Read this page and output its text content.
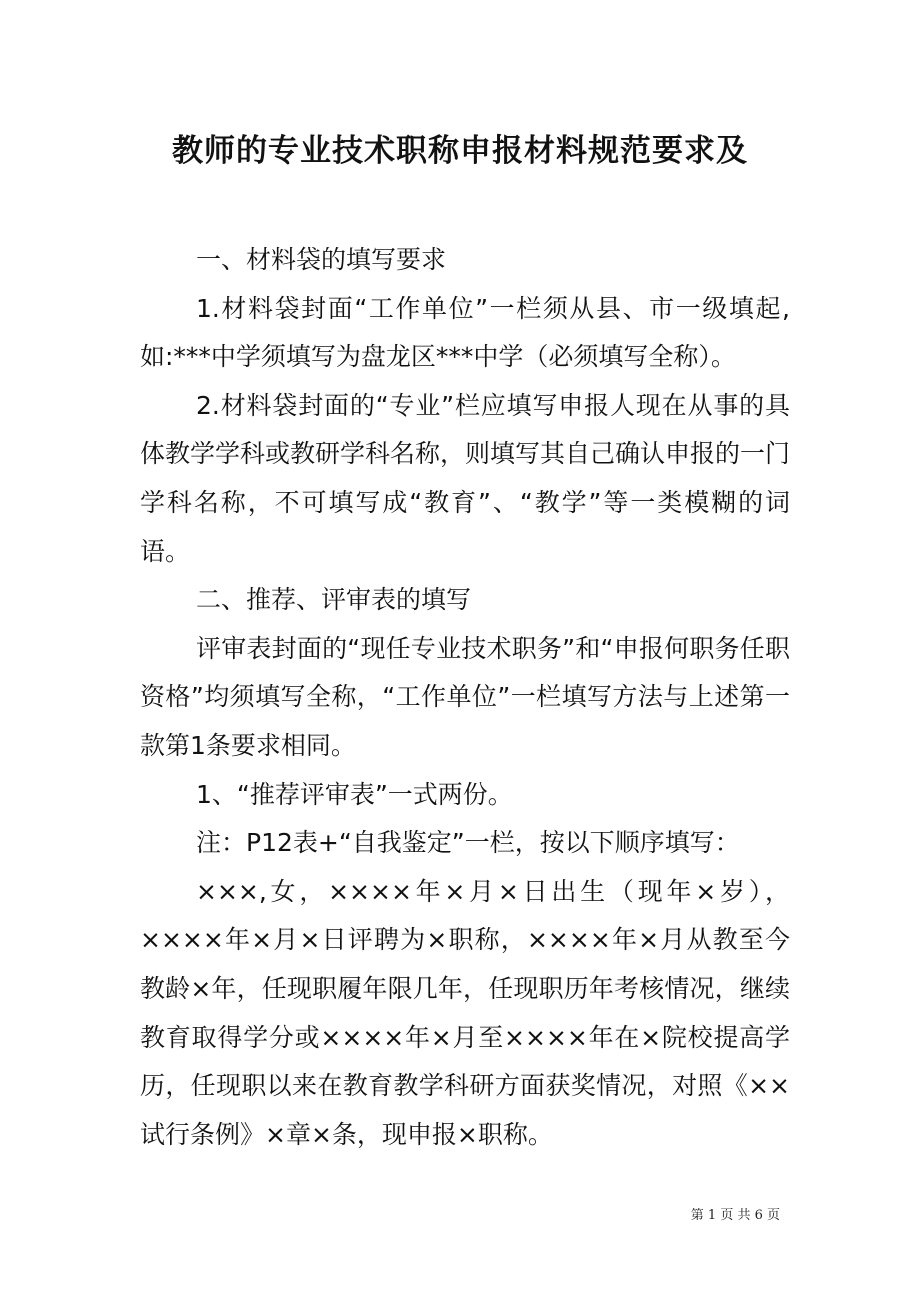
教师的专业技术职称申报材料规范要求及

一、材料袋的填写要求

1.材料袋封面“工作单位”一栏须从县、市一级填起,如:***中学须填写为盘龙区***中学（必须填写全称）。

2.材料袋封面的“专业”栏应填写申报人现在从事的具体教学学科或教研学科名称，则填写其自己确认申报的一门学科名称，不可填写成“教育”、“教学”等一类模糊的词语。

二、推荐、评审表的填写

评审表封面的“现任专业技术职务”和“申报何职务任职资格”均须填写全称，“工作单位”一栏填写方法与上述第一款第1条要求相同。

1、“推荐评审表”一式两份。

注：P12表+“自我鉴定”一栏，按以下顺序填写：

×××,女，××××年×月×日出生（现年×岁），××××年×月×日评聘为×职称，××××年×月从教至今教龄×年，任现职履年限几年，任现职历年考核情况，继续教育取得学分或××××年×月至××××年在×院校提高学历，任现职以来在教育教学科研方面获奖情况，对照《××试行条例》×章×条，现申报×职称。

第 1 页 共 6 页
